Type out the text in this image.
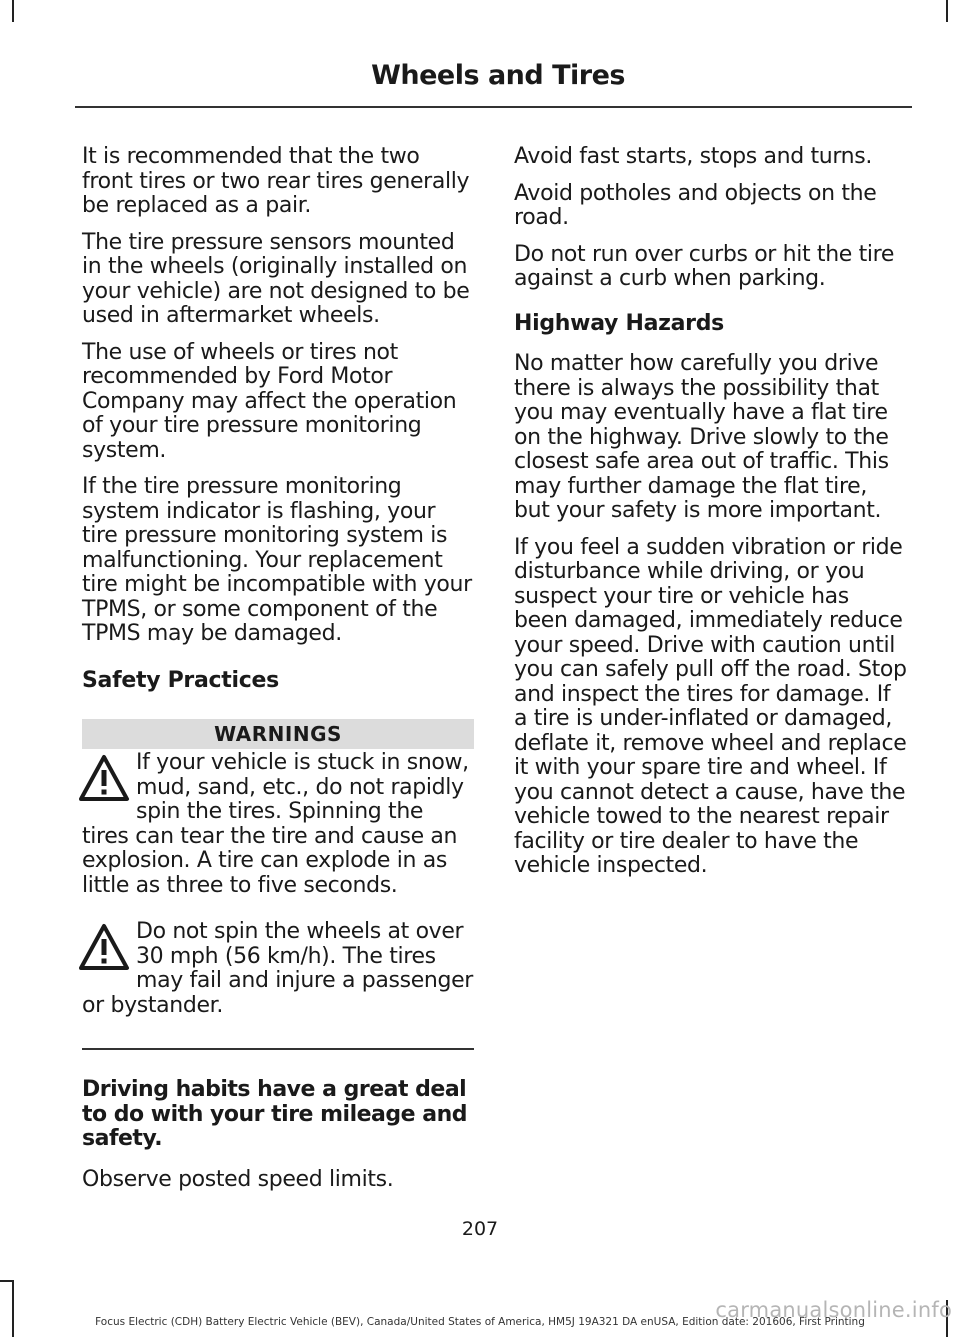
Wheels and Tires

It is recommended that the two front tires or two rear tires generally be replaced as a pair.

The tire pressure sensors mounted in the wheels (originally installed on your vehicle) are not designed to be used in aftermarket wheels.

The use of wheels or tires not recommended by Ford Motor Company may affect the operation of your tire pressure monitoring system.

If the tire pressure monitoring system indicator is flashing, your tire pressure monitoring system is malfunctioning. Your replacement tire might be incompatible with your TPMS, or some component of the TPMS may be damaged.

Safety Practices
WARNINGS

If your vehicle is stuck in snow, mud, sand, etc., do not rapidly spin the tires. Spinning the tires can tear the tire and cause an explosion. A tire can explode in as little as three to five seconds.

Do not spin the wheels at over 30 mph (56 km/h). The tires may fail and injure a passenger or bystander.

Driving habits have a great deal to do with your tire mileage and safety.

Observe posted speed limits.

Avoid fast starts, stops and turns.

Avoid potholes and objects on the road.

Do not run over curbs or hit the tire against a curb when parking.

Highway Hazards

No matter how carefully you drive there is always the possibility that you may eventually have a flat tire on the highway. Drive slowly to the closest safe area out of traffic. This may further damage the flat tire, but your safety is more important.

If you feel a sudden vibration or ride disturbance while driving, or you suspect your tire or vehicle has been damaged, immediately reduce your speed. Drive with caution until you can safely pull off the road. Stop and inspect the tires for damage. If a tire is under-inflated or damaged, deflate it, remove wheel and replace it with your spare tire and wheel. If you cannot detect a cause, have the vehicle towed to the nearest repair facility or tire dealer to have the vehicle inspected.

207
Focus Electric (CDH) Battery Electric Vehicle (BEV), Canada/United States of America, HM5J 19A321 DA enUSA, Edition date: 201606, First Printing
carmanualsonline.info
